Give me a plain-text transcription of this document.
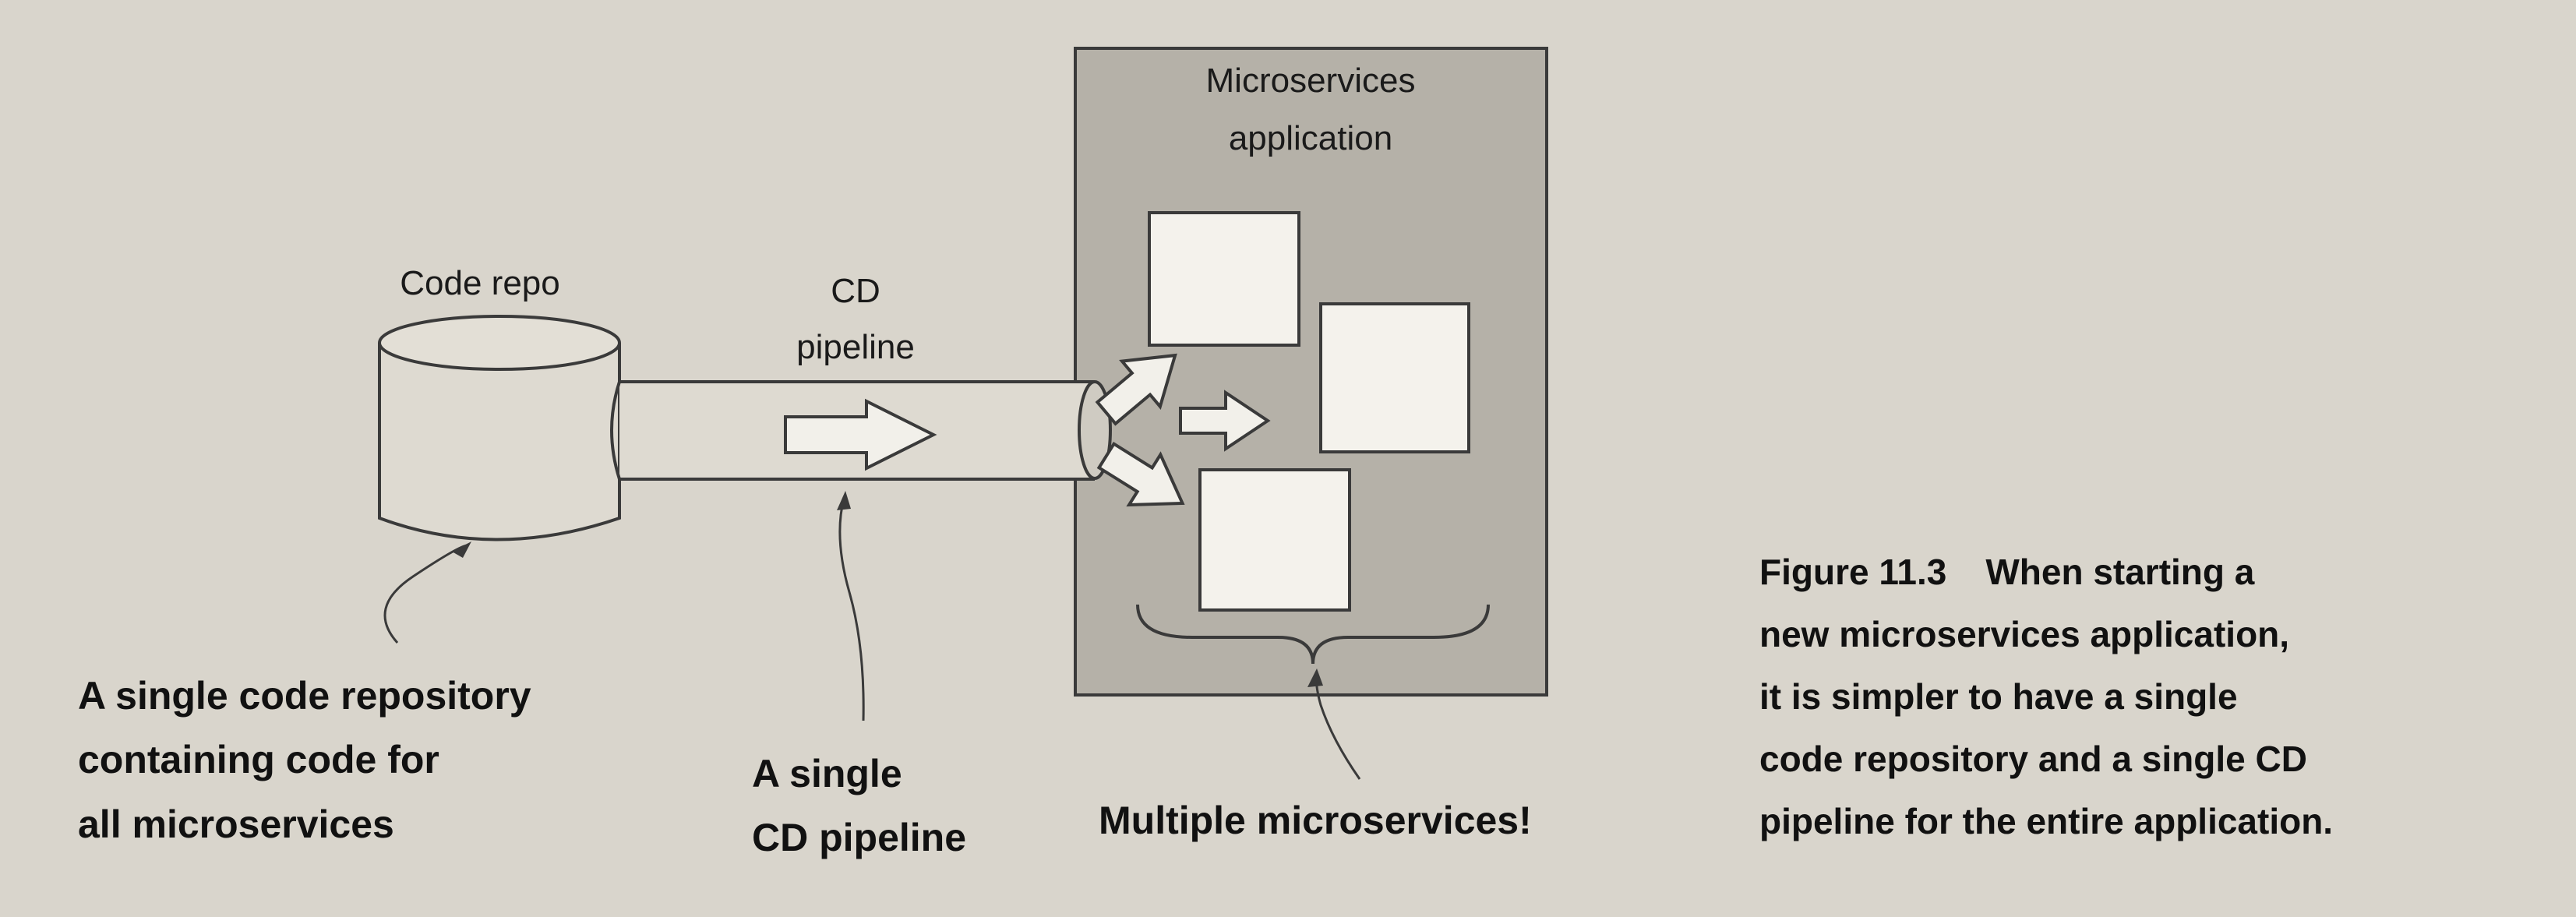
Microservices
application
Code repo	CD
pipeline
A single code repository
containing code for
all microservices
A single
CD pipeline	Multiple microservices!
Figure 11.3 When starting a
new microservices application,
it is simpler to have a single
code repository and a single CD
pipeline for the entire application.
